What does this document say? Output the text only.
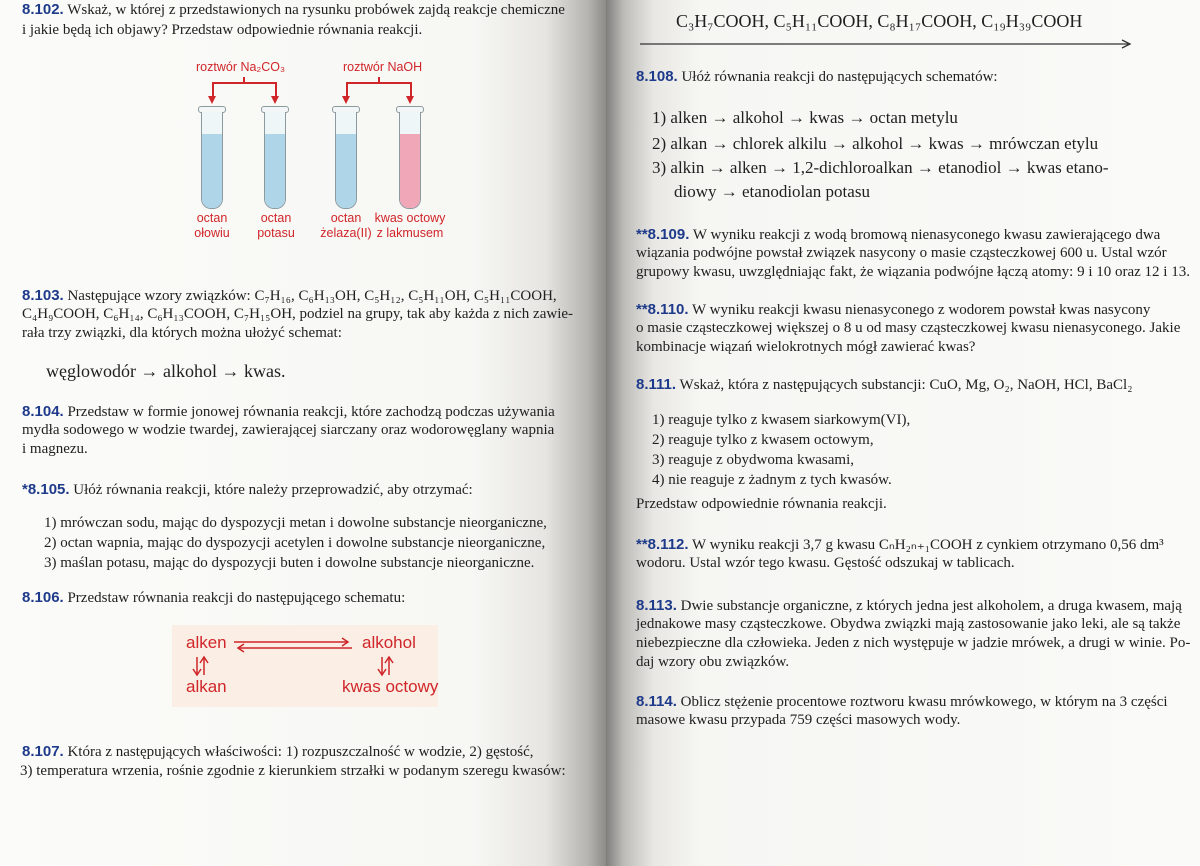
8.102. Wskaż, w której z przedstawionych na rysunku probówek zajdą reakcje chemiczne
i jakie będą ich objawy? Przedstaw odpowiednie równania reakcji.
roztwór Na₂CO₃	roztwór NaOH
octan
ołowiu
octan
potasu
octan
żelaza(II)
kwas octowy
z lakmusem
8.103. Następujące wzory związków: C₇H₁₆, C₆H₁₃OH, C₅H₁₂, C₅H₁₁OH, C₅H₁₁COOH,
C₄H₉COOH, C₆H₁₄, C₆H₁₃COOH, C₇H₁₅OH, podziel na grupy, tak aby każda z nich zawie-
rała trzy związki, dla których można ułożyć schemat:
węglowodór → alkohol → kwas.
8.104. Przedstaw w formie jonowej równania reakcji, które zachodzą podczas używania
mydła sodowego w wodzie twardej, zawierającej siarczany oraz wodorowęglany wapnia
i magnezu.
*8.105. Ułóż równania reakcji, które należy przeprowadzić, aby otrzymać:
1) mrówczan sodu, mając do dyspozycji metan i dowolne substancje nieorganiczne,
2) octan wapnia, mając do dyspozycji acetylen i dowolne substancje nieorganiczne,
3) maślan potasu, mając do dyspozycji buten i dowolne substancje nieorganiczne.
8.106. Przedstaw równania reakcji do następującego schematu:
alken	alkohol
alkan	kwas octowy
8.107. Która z następujących właściwości: 1) rozpuszczalność w wodzie, 2) gęstość,
3) temperatura wrzenia, rośnie zgodnie z kierunkiem strzałki w podanym szeregu kwasów:
C₃H₇COOH, C₅H₁₁COOH, C₈H₁₇COOH, C₁₉H₃₉COOH
8.108. Ułóż równania reakcji do następujących schematów:
1) alken → alkohol → kwas → octan metylu
2) alkan → chlorek alkilu → alkohol → kwas → mrówczan etylu
3) alkin → alken → 1,2-dichloroalkan → etanodiol → kwas etano-
diowy → etanodiolan potasu
**8.109. W wyniku reakcji z wodą bromową nienasyconego kwasu zawierającego dwa
wiązania podwójne powstał związek nasycony o masie cząsteczkowej 600 u. Ustal wzór
grupowy kwasu, uwzględniając fakt, że wiązania podwójne łączą atomy: 9 i 10 oraz 12 i 13.
**8.110. W wyniku reakcji kwasu nienasyconego z wodorem powstał kwas nasycony
o masie cząsteczkowej większej o 8 u od masy cząsteczkowej kwasu nienasyconego. Jakie
kombinacje wiązań wielokrotnych mógł zawierać kwas?
8.111. Wskaż, która z następujących substancji: CuO, Mg, O₂, NaOH, HCl, BaCl₂
1) reaguje tylko z kwasem siarkowym(VI),
2) reaguje tylko z kwasem octowym,
3) reaguje z obydwoma kwasami,
4) nie reaguje z żadnym z tych kwasów.
Przedstaw odpowiednie równania reakcji.
**8.112. W wyniku reakcji 3,7 g kwasu CₙH₂ₙ₊₁COOH z cynkiem otrzymano 0,56 dm³
wodoru. Ustal wzór tego kwasu. Gęstość odszukaj w tablicach.
8.113. Dwie substancje organiczne, z których jedna jest alkoholem, a druga kwasem, mają
jednakowe masy cząsteczkowe. Obydwa związki mają zastosowanie jako leki, ale są także
niebezpieczne dla człowieka. Jeden z nich występuje w jadzie mrówek, a drugi w winie. Po-
daj wzory obu związków.
8.114. Oblicz stężenie procentowe roztworu kwasu mrówkowego, w którym na 3 części
masowe kwasu przypada 759 części masowych wody.
